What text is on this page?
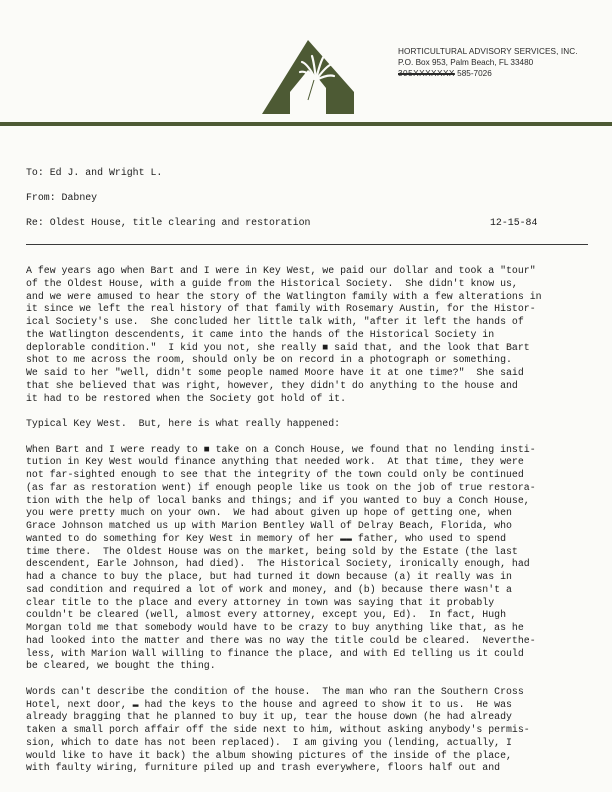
HORTICULTURAL ADVISORY SERVICES, INC.
P.O. Box 953, Palm Beach, FL 33480
305XXXXXXX 585-7026
To: Ed J. and Wright L.
From: Dabney
Re: Oldest House, title clearing and restoration	12-15-84
A few years ago when Bart and I were in Key West, we paid our dollar and took a "tour"
of the Oldest House, with a guide from the Historical Society.  She didn't know us,
and we were amused to hear the story of the Watlington family with a few alterations in
it since we left the real history of that family with Rosemary Austin, for the Histor-
ical Society's use.  She concluded her little talk with, "after it left the hands of
the Watlington descendents, it came into the hands of the Historical Society in
deplorable condition."  I kid you not, she really ■ said that, and the look that Bart
shot to me across the room, should only be on record in a photograph or something.
We said to her "well, didn't some people named Moore have it at one time?"  She said
that she believed that was right, however, they didn't do anything to the house and
it had to be restored when the Society got hold of it.
Typical Key West.  But, here is what really happened:
When Bart and I were ready to ■ take on a Conch House, we found that no lending insti-
tution in Key West would finance anything that needed work.  At that time, they were
not far-sighted enough to see that the integrity of the town could only be continued
(as far as restoration went) if enough people like us took on the job of true restora-
tion with the help of local banks and things; and if you wanted to buy a Conch House,
you were pretty much on your own.  We had about given up hope of getting one, when
Grace Johnson matched us up with Marion Bentley Wall of Delray Beach, Florida, who
wanted to do something for Key West in memory of her ▬▬ father, who used to spend
time there.  The Oldest House was on the market, being sold by the Estate (the last
descendent, Earle Johnson, had died).  The Historical Society, ironically enough, had
had a chance to buy the place, but had turned it down because (a) it really was in
sad condition and required a lot of work and money, and (b) because there wasn't a
clear title to the place and every attorney in town was saying that it probably
couldn't be cleared (well, almost every attorney, except you, Ed).  In fact, Hugh
Morgan told me that somebody would have to be crazy to buy anything like that, as he
had looked into the matter and there was no way the title could be cleared.  Neverthe-
less, with Marion Wall willing to finance the place, and with Ed telling us it could
be cleared, we bought the thing.
Words can't describe the condition of the house.  The man who ran the Southern Cross
Hotel, next door, ▬ had the keys to the house and agreed to show it to us.  He was
already bragging that he planned to buy it up, tear the house down (he had already
taken a small porch affair off the side next to him, without asking anybody's permis-
sion, which to date has not been replaced).  I am giving you (lending, actually, I
would like to have it back) the album showing pictures of the inside of the place,
with faulty wiring, furniture piled up and trash everywhere, floors half out and
